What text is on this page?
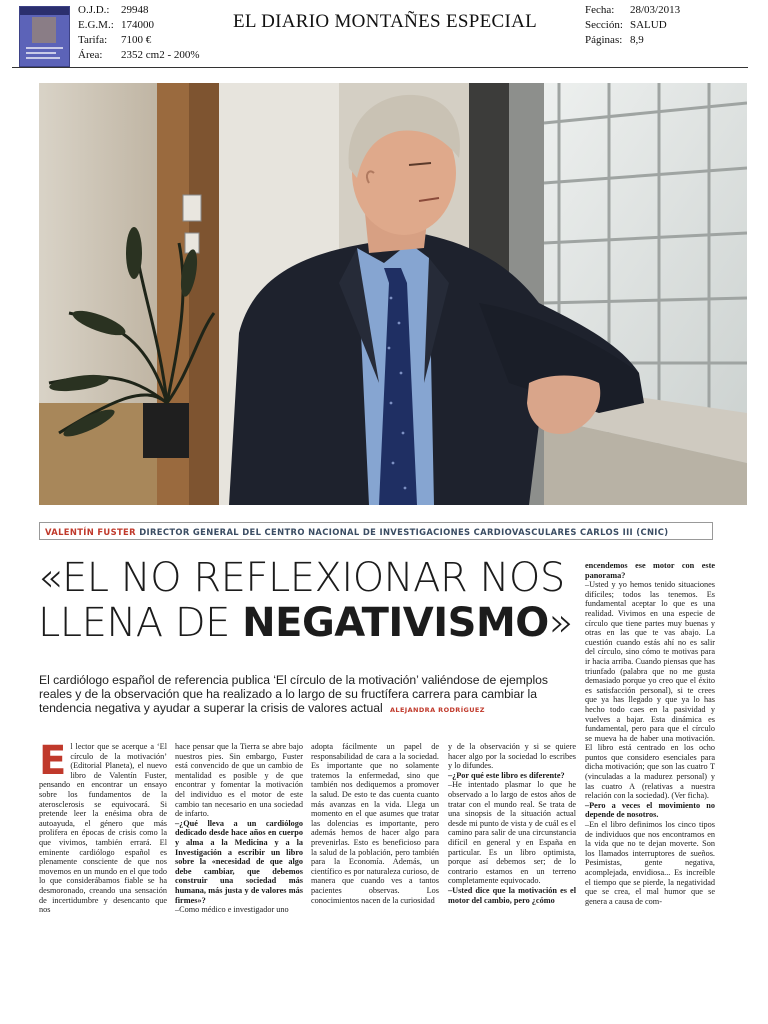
O.J.D.: 29948
E.G.M.: 174000
Tarifa: 7100 €
Área: 2352 cm2 - 200%
EL DIARIO MONTAÑES ESPECIAL
Fecha: 28/03/2013
Sección: SALUD
Páginas: 8,9
VALENTÍN FUSTER DIRECTOR GENERAL DEL CENTRO NACIONAL DE INVESTIGACIONES CARDIOVASCULARES CARLOS III (CNIC)
«EL NO REFLEXIONAR NOS
LLENA DE NEGATIVISMO»
El cardiólogo español de referencia publica ‘El círculo de la motivación’ valiéndose de ejemplos reales y de la observación que ha realizado a lo largo de su fructífera carrera para cambiar la tendencia negativa y ayudar a superar la crisis de valores actual ALEJANDRA RODRÍGUEZ
E l lector que se acerque a ‘El círculo de la motivación’ (Editorial Planeta), el nuevo libro de Valentín Fuster, pensando en encontrar un ensayo sobre los fundamentos de la aterosclerosis se equivocará. Si pretende leer la enésima obra de autoayuda, el género que más prolifera en épocas de crisis como la que vivimos, también errará. El eminente cardiólogo español es plenamente consciente de que nos movemos en un mundo en el que todo lo que considerábamos fiable se ha desmoronado, creando una sensación de incertidumbre y desencanto que nos

hace pensar que la Tierra se abre bajo nuestros pies. Sin embargo, Fuster está convencido de que un cambio de mentalidad es posible y de que encontrar y fomentar la motivación del individuo es el motor de este cambio tan necesario en una sociedad de infarto.

–¿Qué lleva a un cardiólogo dedicado desde hace años en cuerpo y alma a la Medicina y a la Investigación a escribir un libro sobre la «necesidad de que algo debe cambiar, que debemos construir una sociedad más humana, más justa y de valores más firmes»?

–Como médico e investigador uno

adopta fácilmente un papel de responsabilidad de cara a la sociedad. Es importante que no solamente tratemos la enfermedad, sino que también nos dediquemos a promover la salud. De esto te das cuenta cuanto más avanzas en la vida. Llega un momento en el que asumes que tratar las dolencias es importante, pero además hemos de hacer algo para prevenirlas. Esto es beneficioso para la salud de la población, pero también para la Economía. Además, un científico es por naturaleza curioso, de manera que cuando ves a tantos pacientes observas. Los conocimientos nacen de la curiosidad

y de la observación y si se quiere hacer algo por la sociedad lo escribes y lo difundes.

–¿Por qué este libro es diferente?

–He intentado plasmar lo que he observado a lo largo de estos años de tratar con el mundo real. Se trata de una sinopsis de la situación actual desde mi punto de vista y de cuál es el camino para salir de una circunstancia difícil en general y en España en particular. Es un libro optimista, porque así debemos ser; de lo contrario estamos en un terreno completamente equivocado.

–Usted dice que la motivación es el motor del cambio, pero ¿cómo

encendemos ese motor con este panorama?

–Usted y yo hemos tenido situaciones difíciles; todos las tenemos. Es fundamental aceptar lo que es una realidad. Vivimos en una especie de círculo que tiene partes muy buenas y otras en las que te vas abajo. La cuestión cuando estás ahí no es salir del círculo, sino cómo te motivas para ir hacia arriba. Cuando piensas que has triunfado (palabra que no me gusta demasiado porque yo creo que el éxito es satisfacción personal), si te crees que ya has llegado y que ya lo has hecho todo caes en la pasividad y vuelves a bajar. Esta dinámica es fundamental, pero para que el círculo se mueva ha de haber una motivación. El libro está centrado en los ocho puntos que considero esenciales para dicha motivación; que son las cuatro T (vinculadas a la madurez personal) y las cuatro A (relativas a nuestra relación con la sociedad). (Ver ficha).

–Pero a veces el movimiento no depende de nosotros.

–En el libro definimos los cinco tipos de individuos que nos encontramos en la vida que no te dejan moverte. Son los llamados interruptores de sueños. Pesimistas, gente negativa, acomplejada, envidiosa... Es increíble el tiempo que se pierde, la negatividad que se crea, el mal humor que se genera a causa de com-
